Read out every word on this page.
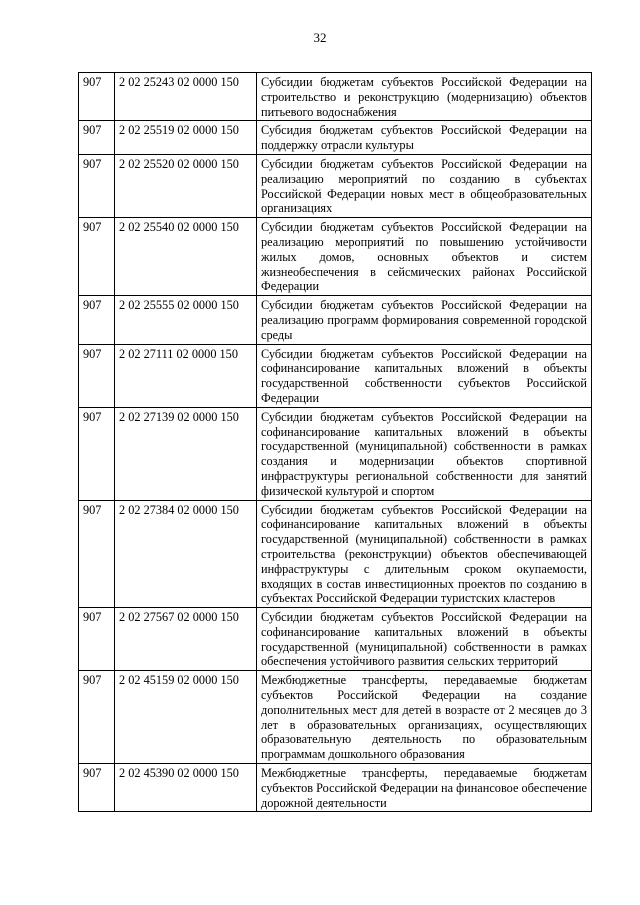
32
907	2 02 25243 02 0000 150	Субсидии бюджетам субъектов Российской Федерации на строительство и реконструкцию (модернизацию) объектов питьевого водоснабжения
907	2 02 25519 02 0000 150	Субсидия бюджетам субъектов Российской Федерации на поддержку отрасли культуры
907	2 02 25520 02 0000 150	Субсидии бюджетам субъектов Российской Федерации на реализацию мероприятий по созданию в субъектах Российской Федерации новых мест в общеобразовательных организациях
907	2 02 25540 02 0000 150	Субсидии бюджетам субъектов Российской Федерации на реализацию мероприятий по повышению устойчивости жилых домов, основных объектов и систем жизнеобеспечения в сейсмических районах Российской Федерации
907	2 02 25555 02 0000 150	Субсидии бюджетам субъектов Российской Федерации на реализацию программ формирования современной городской среды
907	2 02 27111 02 0000 150	Субсидии бюджетам субъектов Российской Федерации на софинансирование капитальных вложений в объекты государственной собственности субъектов Российской Федерации
907	2 02 27139 02 0000 150	Субсидии бюджетам субъектов Российской Федерации на софинансирование капитальных вложений в объекты государственной (муниципальной) собственности в рамках создания и модернизации объектов спортивной инфраструктуры региональной собственности для занятий физической культурой и спортом
907	2 02 27384 02 0000 150	Субсидии бюджетам субъектов Российской Федерации на софинансирование капитальных вложений в объекты государственной (муниципальной) собственности в рамках строительства (реконструкции) объектов обеспечивающей инфраструктуры с длительным сроком окупаемости, входящих в состав инвестиционных проектов по созданию в субъектах Российской Федерации туристских кластеров
907	2 02 27567 02 0000 150	Субсидии бюджетам субъектов Российской Федерации на софинансирование капитальных вложений в объекты государственной (муниципальной) собственности в рамках обеспечения устойчивого развития сельских территорий
907	2 02 45159 02 0000 150	Межбюджетные трансферты, передаваемые бюджетам субъектов Российской Федерации на создание дополнительных мест для детей в возрасте от 2 месяцев до 3 лет в образовательных организациях, осуществляющих образовательную деятельность по образовательным программам дошкольного образования
907	2 02 45390 02 0000 150	Межбюджетные трансферты, передаваемые бюджетам субъектов Российской Федерации на финансовое обеспечение дорожной деятельности
